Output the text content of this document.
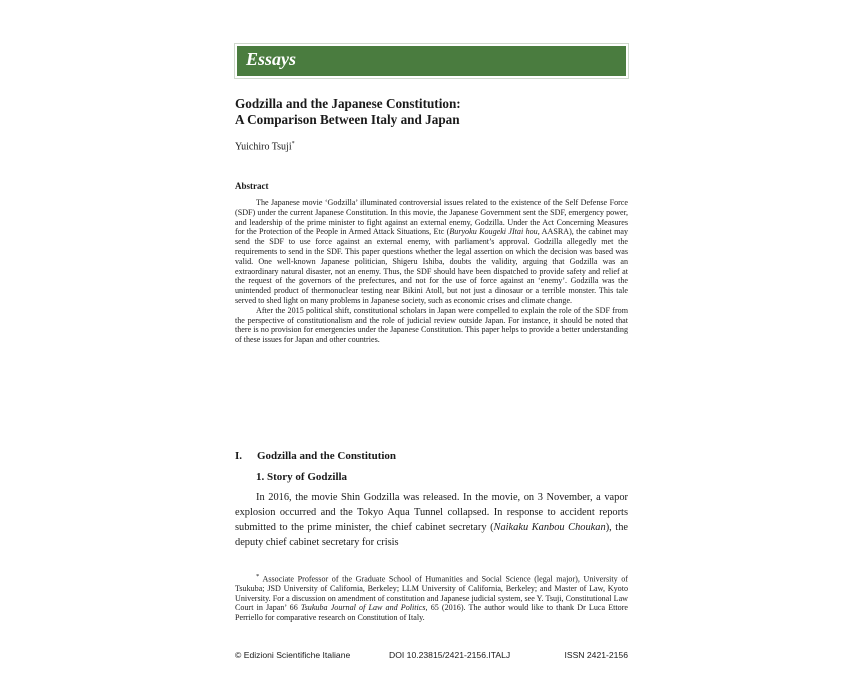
Essays
Godzilla and the Japanese Constitution:
A Comparison Between Italy and Japan
Yuichiro Tsuji*
Abstract

The Japanese movie ‘Godzilla’ illuminated controversial issues related to the existence of the Self Defense Force (SDF) under the current Japanese Constitution. In this movie, the Japanese Government sent the SDF, emergency power, and leadership of the prime minister to fight against an external enemy, Godzilla. Under the Act Concerning Measures for the Protection of the People in Armed Attack Situations, Etc (Buryoku Kougeki JItai hou, AASRA), the cabinet may send the SDF to use force against an external enemy, with parliament’s approval. Godzilla allegedly met the requirements to send in the SDF. This paper questions whether the legal assertion on which the decision was based was valid. One well-known Japanese politician, Shigeru Ishiba, doubts the validity, arguing that Godzilla was an extraordinary natural disaster, not an enemy. Thus, the SDF should have been dispatched to provide safety and relief at the request of the governors of the prefectures, and not for the use of force against an ‘enemy’. Godzilla was the unintended product of thermonuclear testing near Bikini Atoll, but not just a dinosaur or a terrible monster. This tale served to shed light on many problems in Japanese society, such as economic crises and climate change.

After the 2015 political shift, constitutional scholars in Japan were compelled to explain the role of the SDF from the perspective of constitutionalism and the role of judicial review outside Japan. For instance, it should be noted that there is no provision for emergencies under the Japanese Constitution. This paper helps to provide a better understanding of these issues for Japan and other countries.

I. Godzilla and the Constitution
1. Story of Godzilla

In 2016, the movie Shin Godzilla was released. In the movie, on 3 November, a vapor explosion occurred and the Tokyo Aqua Tunnel collapsed. In response to accident reports submitted to the prime minister, the chief cabinet secretary (Naikaku Kanbou Choukan), the deputy chief cabinet secretary for crisis

* Associate Professor of the Graduate School of Humanities and Social Science (legal major), University of Tsukuba; JSD University of California, Berkeley; LLM University of California, Berkeley; and Master of Law, Kyoto University. For a discussion on amendment of constitution and Japanese judicial system, see Y. Tsuji, Constitutional Law Court in Japan’ 66 Tsukuba Journal of Law and Politics, 65 (2016). The author would like to thank Dr Luca Ettore Perriello for comparative research on Constitution of Italy.

© Edizioni Scientifiche Italiane	DOI 10.23815/2421-2156.ITALJ	ISSN 2421-2156
